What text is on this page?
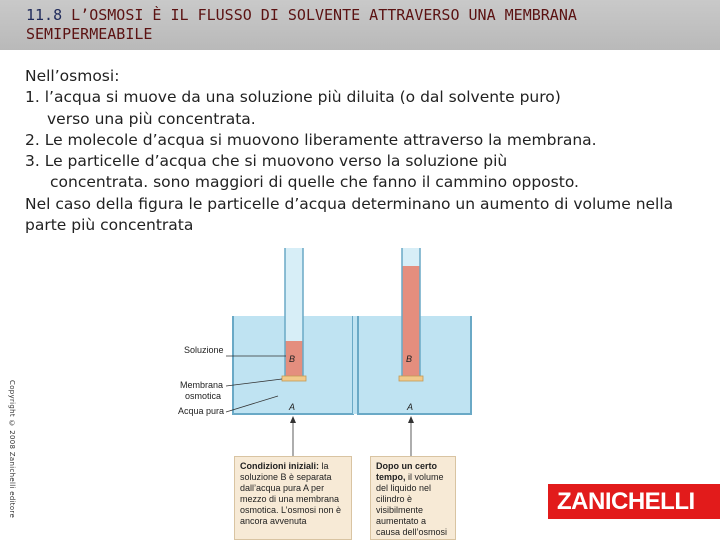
11.8 L’OSMOSI È IL FLUSSO DI SOLVENTE ATTRAVERSO UNA MEMBRANA SEMIPERMEABILE

Nell’osmosi:

1. l’acqua si muove da una soluzione più diluita (o dal solvente puro)

verso una più concentrata.

2. Le molecole d’acqua si muovono liberamente attraverso la membrana.

3. Le particelle d’acqua che si muovono verso la soluzione più

concentrata. sono maggiori di quelle che fanno il cammino opposto.

Nel caso della figura le particelle d’acqua determinano un aumento di volume nella parte più concentrata

Copyright © 2008 Zanichelli editore
Soluzione
Membrana
osmotica
Acqua pura
B	B
A	A
Condizioni iniziali: la soluzione B è separata dall’acqua pura A per mezzo di una membrana osmotica. L’osmosi non è ancora avvenuta
Dopo un certo tempo, il volume del liquido nel cilindro è visibilmente aumentato a causa dell’osmosi
ZANICHELLI
